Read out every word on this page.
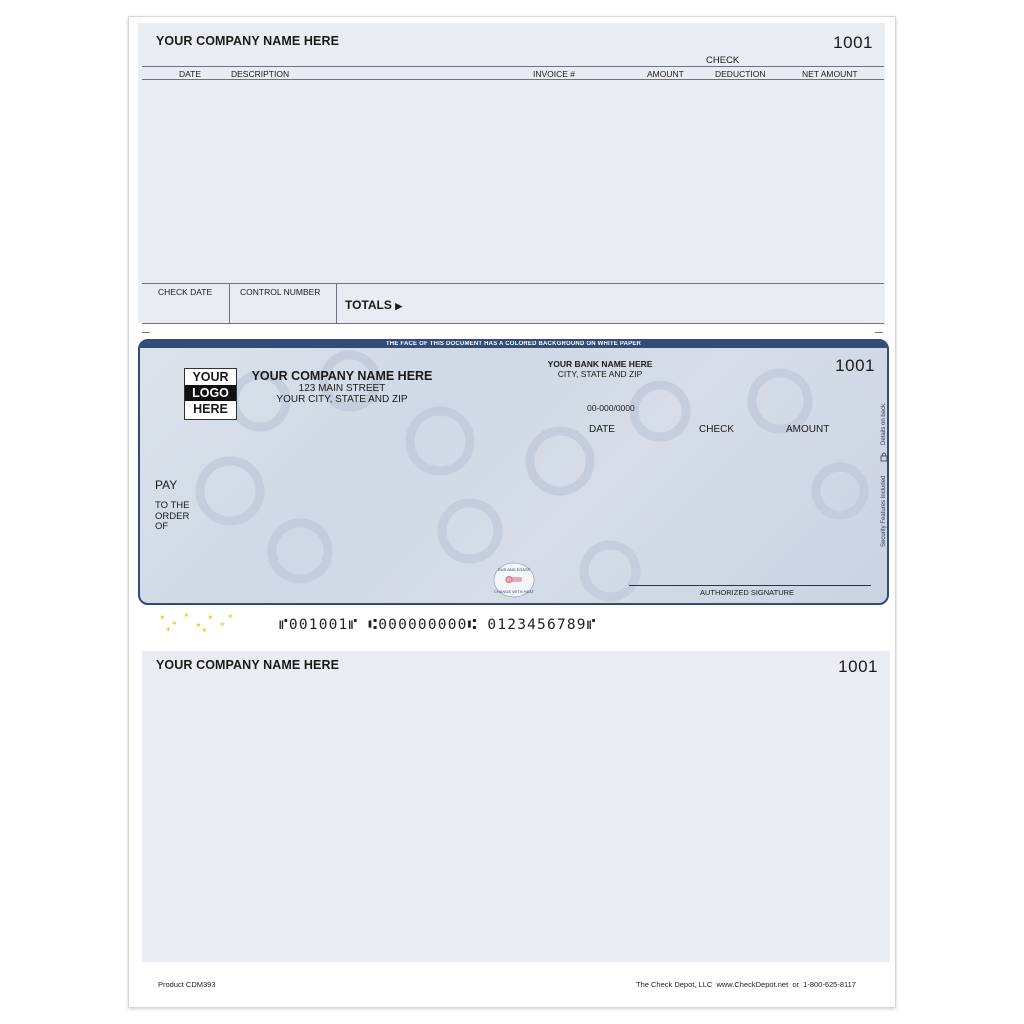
YOUR COMPANY NAME HERE	1001
CHECK
DATE	DESCRIPTION	INVOICE #	AMOUNT	DEDUCTION	NET AMOUNT
CHECK DATE	CONTROL NUMBER
TOTALS ▶
THE FACE OF THIS DOCUMENT HAS A COLORED BACKGROUND ON WHITE PAPER
YOUR
LOGO
HERE
YOUR COMPANY NAME HERE
123 MAIN STREET
YOUR CITY, STATE AND ZIP
YOUR BANK NAME HERE
CITY, STATE AND ZIP
00-000/0000
1001
DATE	CHECK	AMOUNT
PAY
TO THE
ORDER
OF
RUB AND ERASE
CHANGE WITH HEAT	AUTHORIZED SIGNATURE
Security Features Included
Details on back.
✶
✶
✶
✶
✶
✶
✶	✶
✶
⑈001001⑈ ⑆000000000⑆ 0123456789⑈
YOUR COMPANY NAME HERE	1001
Product CDM393	The Check Depot, LLC  www.CheckDepot.net  or  1-800-625-8117
